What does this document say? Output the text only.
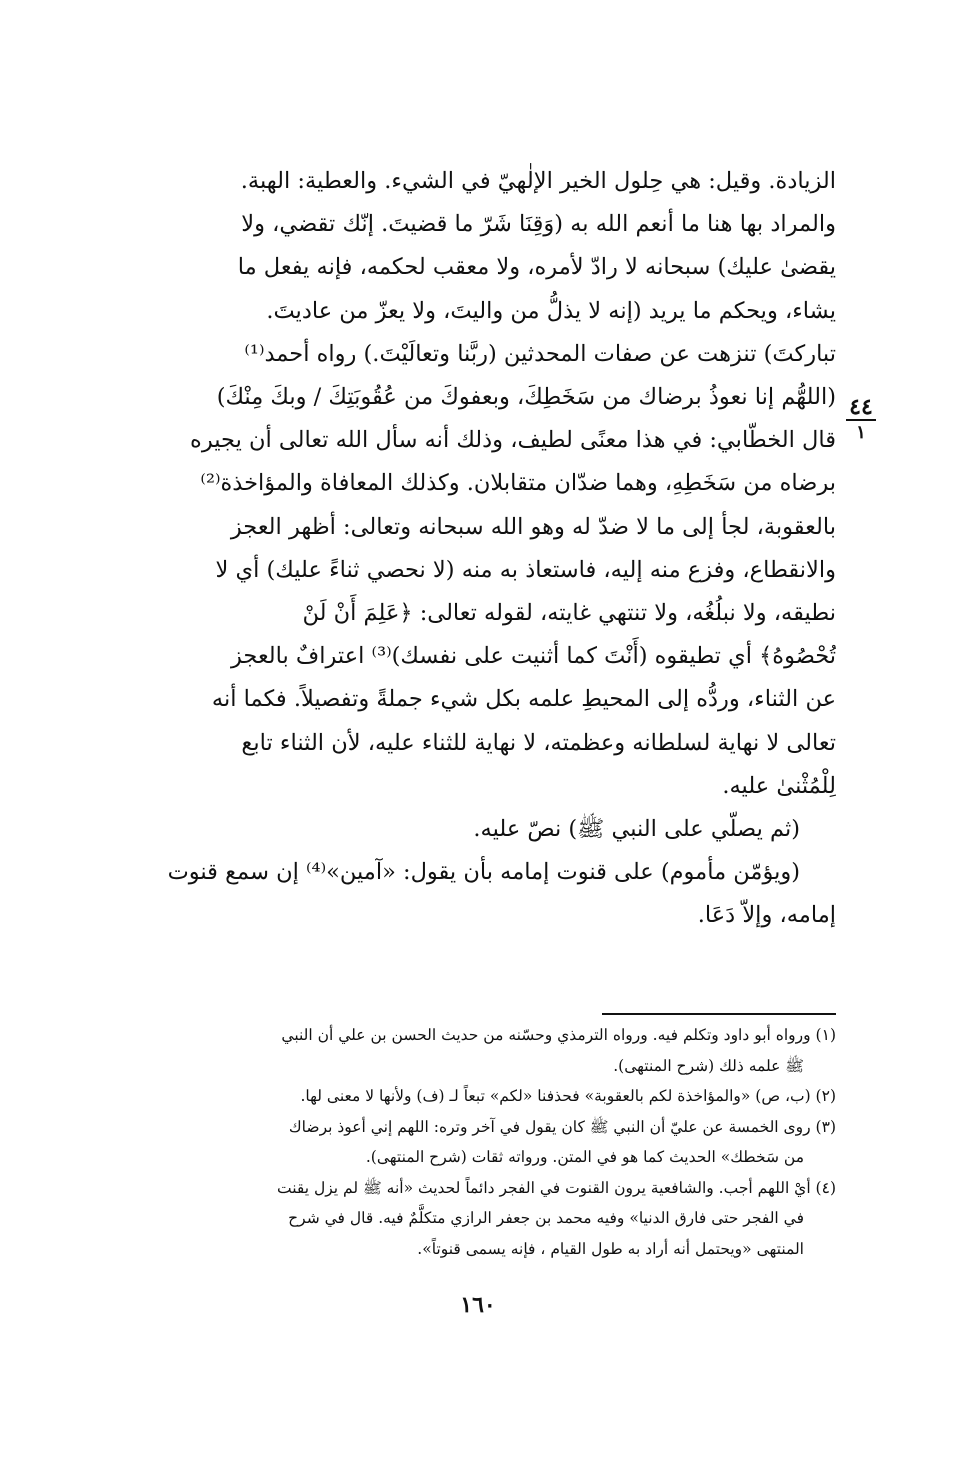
الزيادة. وقيل: هي حِلول الخير الإلٰهيّ في الشيء. والعطية: الهبة.
والمراد بها هنا ما أنعم الله به (وَقِنَا شَرّ ما قضيتَ. إنّك تقضي، ولا
يقضىٰ عليك) سبحانه لا رادّ لأمره، ولا معقب لحكمه، فإنه يفعل ما
يشاء، ويحكم ما يريد (إنه لا يذلُّ من واليتَ، ولا يعزّ من عاديتَ.
تباركتَ) تنزهت عن صفات المحدثين (ربَّنا وتعالَيْتَ.) رواه أحمد⁽¹⁾
(اللهُّم إنا نعوذُ برضاك من سَخَطِكَ، وبعفوكَ من عُقُوبَتِكَ / وبكَ مِنْكَ)
قال الخطّابي: في هذا معنًى لطيف، وذلك أنه سأل الله تعالى أن يجيره
برضاه من سَخَطِهِ، وهما ضدّان متقابلان. وكذلك المعافاة والمؤاخذة⁽²⁾
بالعقوبة، لجأ إلى ما لا ضدّ له وهو الله سبحانه وتعالى: أظهر العجز
والانقطاع، وفزع منه إليه، فاستعاذ به منه (لا نحصي ثناءً عليك) أي لا
نطيقه، ولا نبلُغُه، ولا تنتهي غايته، لقوله تعالى: ﴿عَلِمَ أَنْ لَنْ
تُحْصُوهُ﴾ أي تطيقوه (أَنْتَ كما أثنيت على نفسك)⁽³⁾ اعترافٌ بالعجز
عن الثناء، وردُّه إلى المحيطِ علمه بكل شيء جملةً وتفصيلاً. فكما أنه
تعالى لا نهاية لسلطانه وعظمته، لا نهاية للثناء عليه، لأن الثناء تابع
لِلْمُثْنىٰ عليه.
(ثم يصلّي على النبي ﷺ) نصّ عليه.
(ويؤمّن مأموم) على قنوت إمامه بأن يقول: «آمين»⁽⁴⁾ إن سمع قنوت
إمامه، وإلاّ دَعَا.
٤٤
١
(١) ورواه أبو داود وتكلم فيه. ورواه الترمذي وحسّنه من حديث الحسن بن علي أن النبي
ﷺ علمه ذلك (شرح المنتهى).
(٢) (ب، ص) «والمؤاخذة لكم بالعقوبة» فحذفنا «لكم» تبعاً لـ (ف) ولأنها لا معنى لها.
(٣) روى الخمسة عن عليّ أن النبي ﷺ كان يقول في آخر وتره: اللهم إني أعوذ برضاك
من سَخطك» الحديث كما هو في المتن. ورواته ثقات (شرح المنتهى).
(٤) أيْ اللهم أجب. والشافعية يرون القنوت في الفجر دائماً لحديث «أنه ﷺ لم يزل يقنت
في الفجر حتى فارق الدنيا» وفيه محمد بن جعفر الرازي متكلَّمٌ فيه. قال في شرح
المنتهى «ويحتمل أنه أراد به طول القيام ، فإنه يسمى قنوتاً».
١٦٠
